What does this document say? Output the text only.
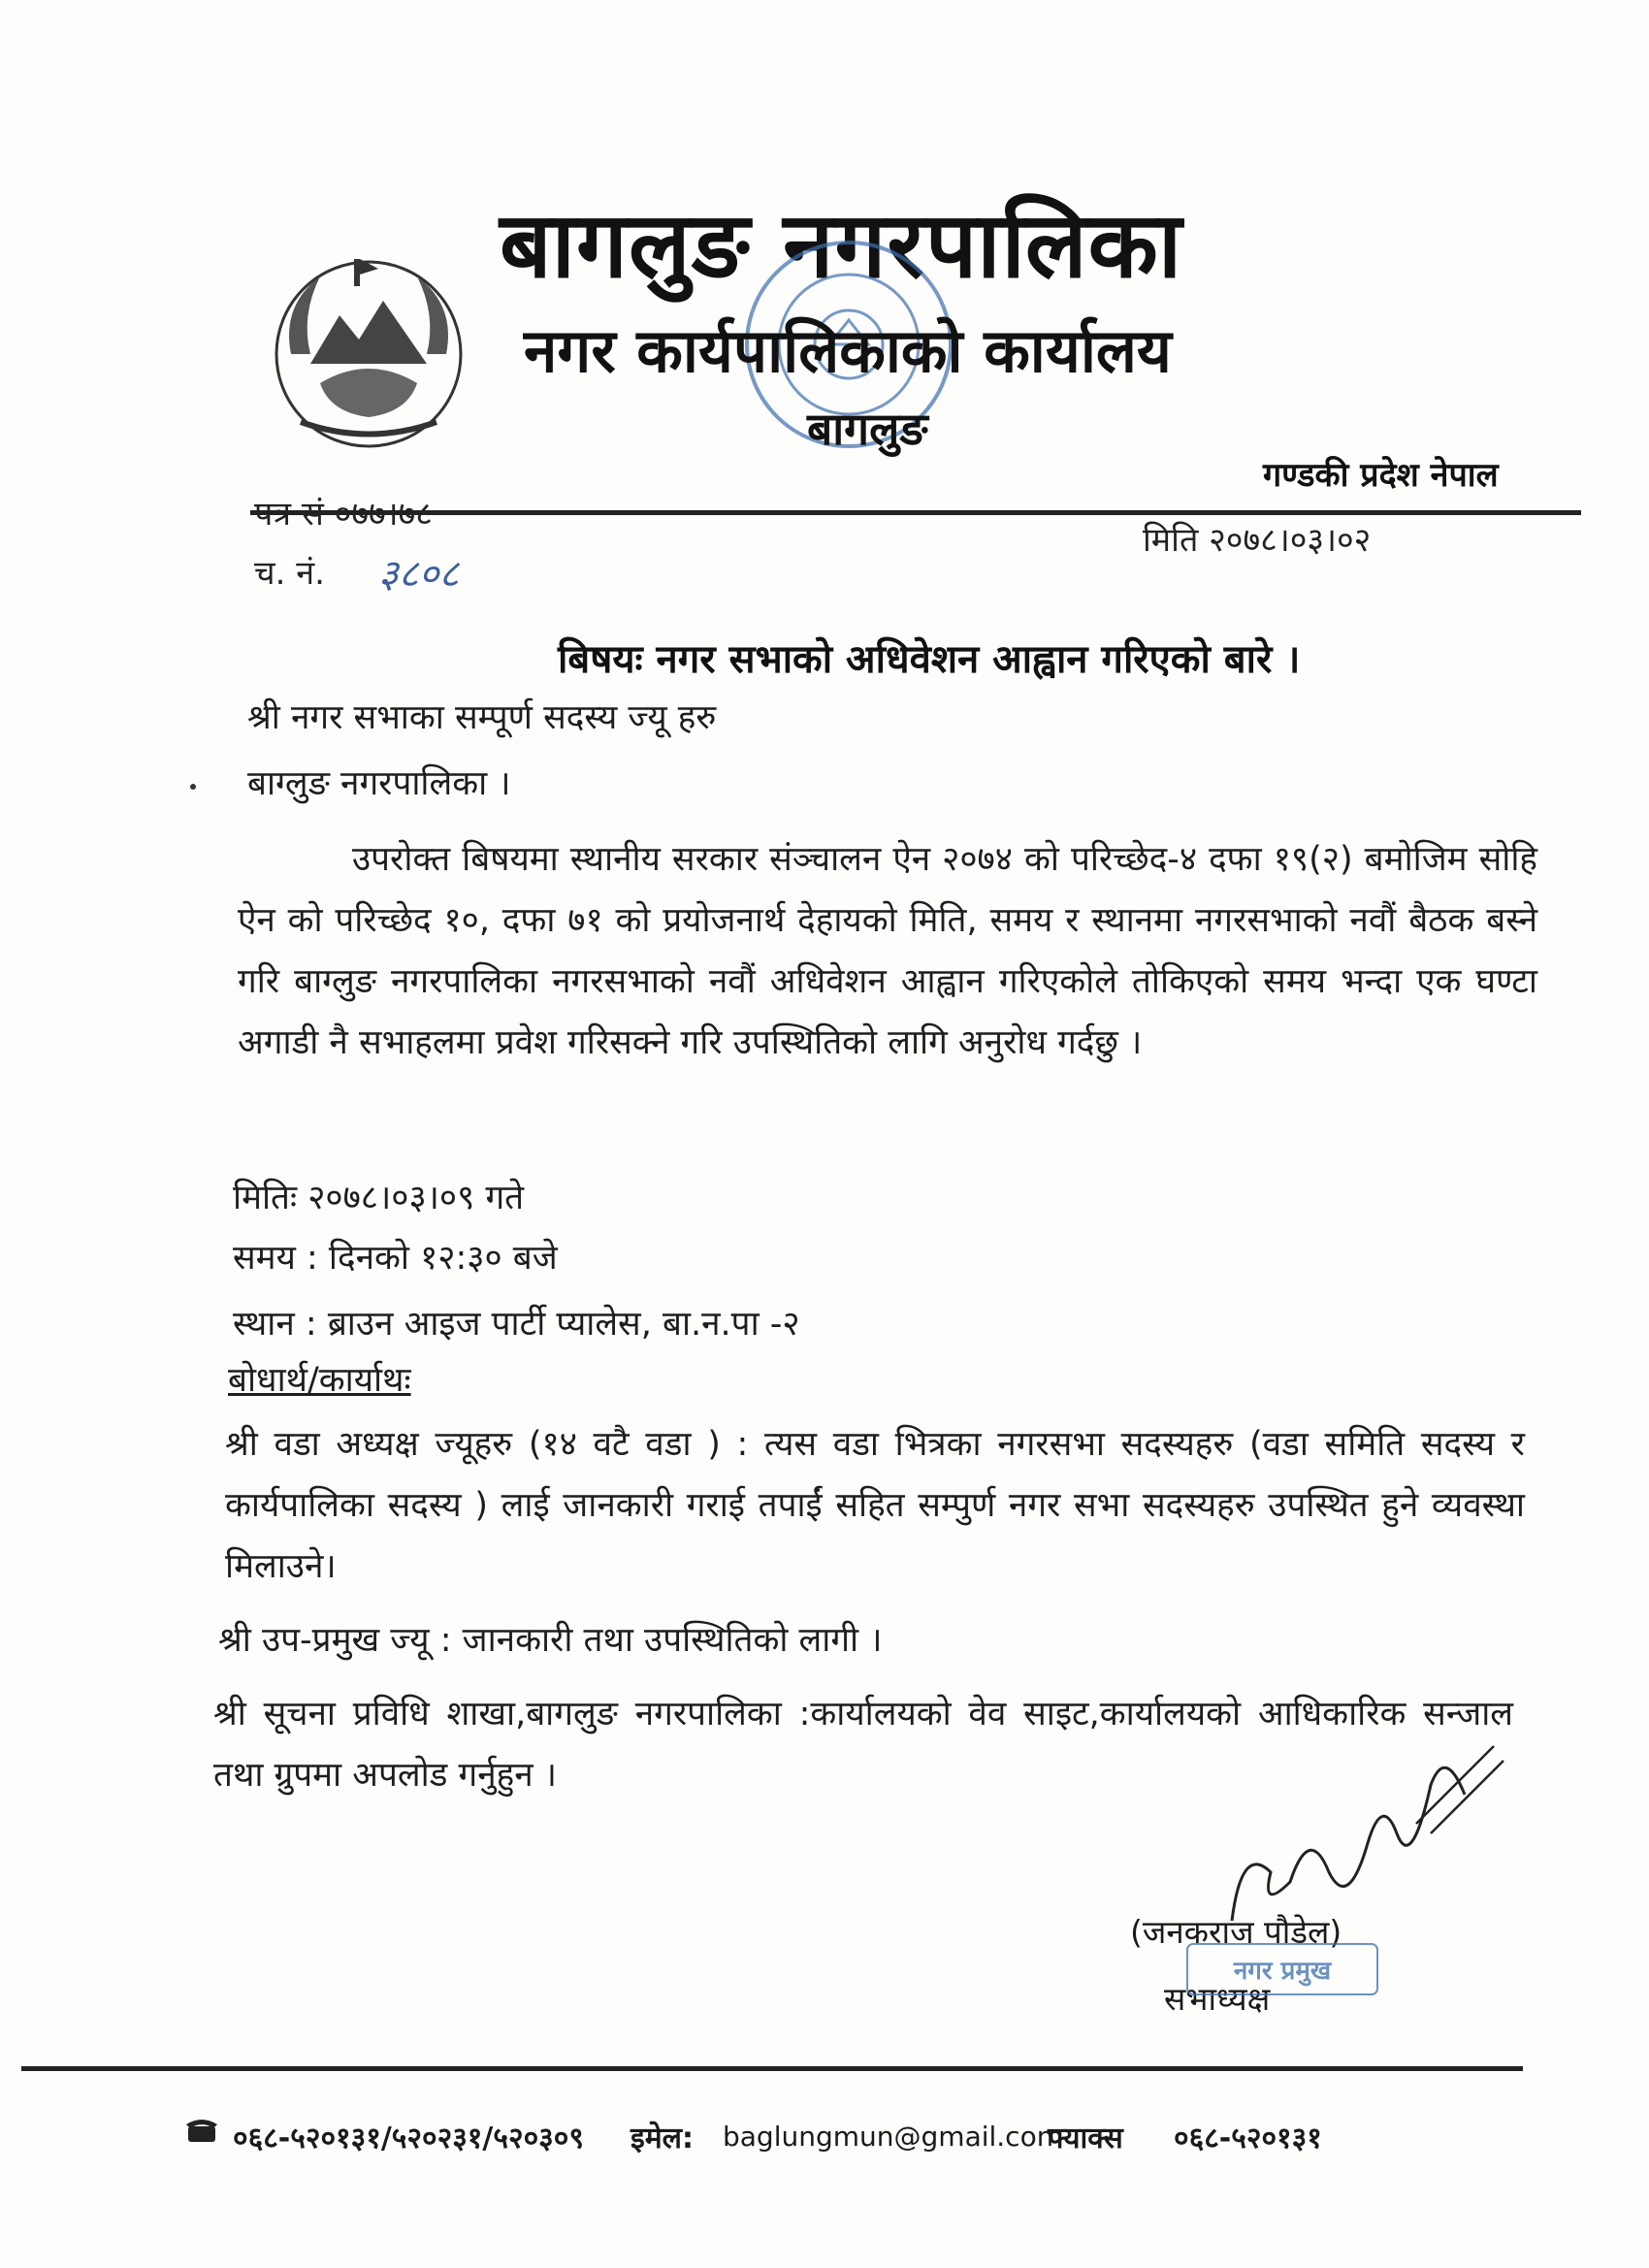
बागलुङ नगरपालिका
नगर कार्यपालिकाको कार्यालय
बागलुङ
गण्डकी प्रदेश नेपाल
पत्र सं ०७७।७८
च. नं. ३८०८
मिति २०७८।०३।०२
बिषयः नगर सभाको अधिवेशन आह्वान गरिएको बारे ।
श्री नगर सभाका सम्पूर्ण सदस्य ज्यू हरु
बाग्लुङ नगरपालिका ।
उपरोक्त बिषयमा स्थानीय सरकार संञ्चालन ऐन २०७४ को परिच्छेद-४ दफा १९(२) बमोजिम सोहि ऐन को परिच्छेद १०, दफा ७१ को प्रयोजनार्थ देहायको मिति, समय र स्थानमा नगरसभाको नवौं बैठक बस्ने गरि बाग्लुङ नगरपालिका नगरसभाको नवौं अधिवेशन आह्वान गरिएकोले तोकिएको समय भन्दा एक घण्टा अगाडी नै सभाहलमा प्रवेश गरिसक्ने गरि उपस्थितिको लागि अनुरोध गर्दछु ।
मितिः २०७८।०३।०९ गते
समय : दिनको १२:३० बजे
स्थान : ब्राउन आइज पार्टी प्यालेस, बा.न.पा -२
बोधार्थ/कार्याथः
श्री वडा अध्यक्ष ज्यूहरु (१४ वटै वडा ) : त्यस वडा भित्रका नगरसभा सदस्यहरु (वडा समिति सदस्य र कार्यपालिका सदस्य ) लाई जानकारी गराई तपाईं सहित सम्पुर्ण नगर सभा सदस्यहरु उपस्थित हुने व्यवस्था मिलाउने।
श्री उप-प्रमुख ज्यू : जानकारी तथा उपस्थितिको लागी ।
श्री सूचना प्रविधि शाखा,बागलुङ नगरपालिका :कार्यालयको वेव साइट,कार्यालयको आधिकारिक सन्जाल तथा ग्रुपमा अपलोड गर्नुहुन ।
(जनकराज पौडेल)
सभाध्यक्ष
नगर प्रमुख
०६८-५२०१३१/५२०२३१/५२०३०९ इमेल: baglungmun@gmail.com
फ्याक्स ०६८-५२०१३१
